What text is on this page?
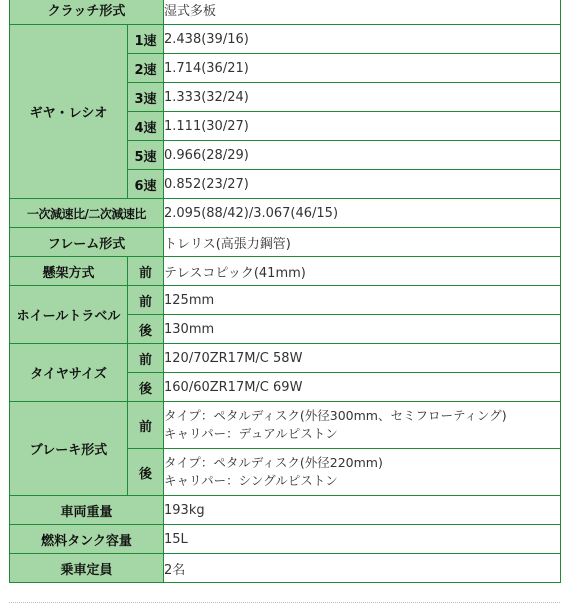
クラッチ形式		湿式多板
ギヤ・レシオ	1速	2.438(39/16)
	2速	1.714(36/21)
	3速	1.333(32/24)
	4速	1.111(30/27)
	5速	0.966(28/29)
	6速	0.852(23/27)
一次減速比/二次減速比		2.095(88/42)/3.067(46/15)
フレーム形式		トレリス(高張力鋼管)
懸架方式	前	テレスコピック(41mm)
ホイールトラベル	前	125mm
	後	130mm
タイヤサイズ	前	120/70ZR17M/C 58W
	後	160/60ZR17M/C 69W
ブレーキ形式	前	タイプ：ペタルディスク(外径300mm、セミフローティング)
キャリパー：デュアルピストン

	後	タイプ：ペタルディスク(外径220mm)
キャリパー：シングルピストン

車両重量		193kg
燃料タンク容量		15L
乗車定員		2名
